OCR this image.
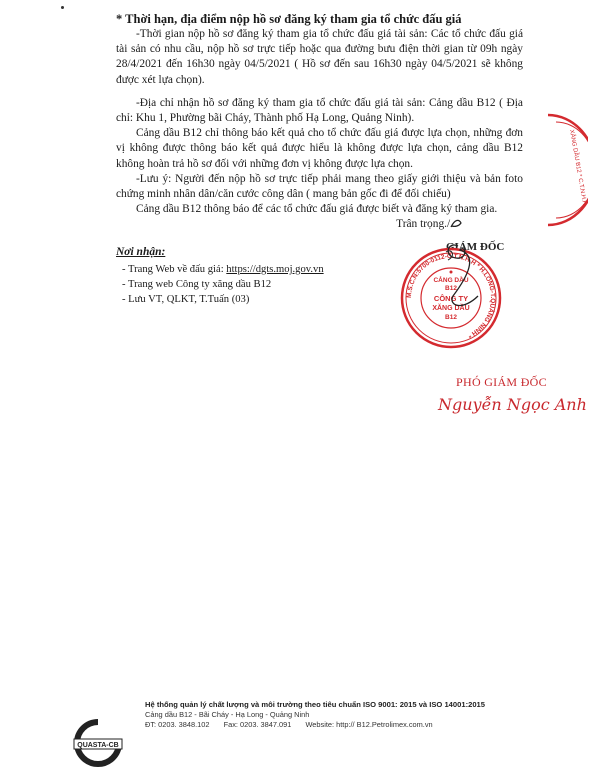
* Thời hạn, địa điểm nộp hồ sơ đăng ký tham gia tổ chức đấu giá

-Thời gian nộp hồ sơ đăng ký tham gia tổ chức đấu giá tài sản: Các tổ chức đấu giá tài sản có nhu cầu, nộp hồ sơ trực tiếp hoặc qua đường bưu điện thời gian từ 09h ngày 28/4/2021 đến 16h30 ngày 04/5/2021 ( Hồ sơ đến sau 16h30 ngày 04/5/2021 sẽ không được xét lựa chọn).

-Địa chỉ nhận hồ sơ đăng ký tham gia tổ chức đấu giá tài sản: Cảng dầu B12 ( Địa chỉ: Khu 1, Phường bãi Cháy, Thành phố Hạ Long, Quảng Ninh).

Cảng dầu B12 chỉ thông báo kết quả cho tổ chức đấu giá được lựa chọn, những đơn vị không được thông báo kết quả được hiểu là không được lựa chọn, cảng dầu B12 không hoàn trả hồ sơ đối với những đơn vị không được lựa chọn.

-Lưu ý: Người đến nộp hồ sơ trực tiếp phải mang theo giấy giới thiệu và bản foto chứng minh nhân dân/căn cước công dân ( mang bản gốc đi để đối chiếu)

Cảng dầu B12 thông báo để các tổ chức đấu giá được biết và đăng ký tham gia.

Trân trọng./.
Nơi nhận:
- Trang Web về đấu giá: https://dgts.moj.gov.vn
- Trang web Công ty xăng dầu B12
- Lưu VT, QLKT, T.Tuấn (03)
XĂNG DẦU B12 * C.T.N.H.H
GIÁM ĐỐC
M.S.C.N:5700-0112-C.T.N.H.H * H.LONG-T.QUẢNG NINH *
CẢNG DẦU
B12
CÔNG TY
XĂNG DẦU
B12
PHÓ GIÁM ĐỐC
Nguyễn Ngọc Anh
QUASTA-CB
Hệ thống quản lý chất lượng và môi trường theo tiêu chuẩn ISO 9001: 2015 và ISO 14001:2015
Cảng dầu B12 - Bãi Cháy - Hạ Long - Quảng Ninh
ĐT: 0203. 3848.102 Fax: 0203. 3847.091 Website: http:// B12.Petrolimex.com.vn
